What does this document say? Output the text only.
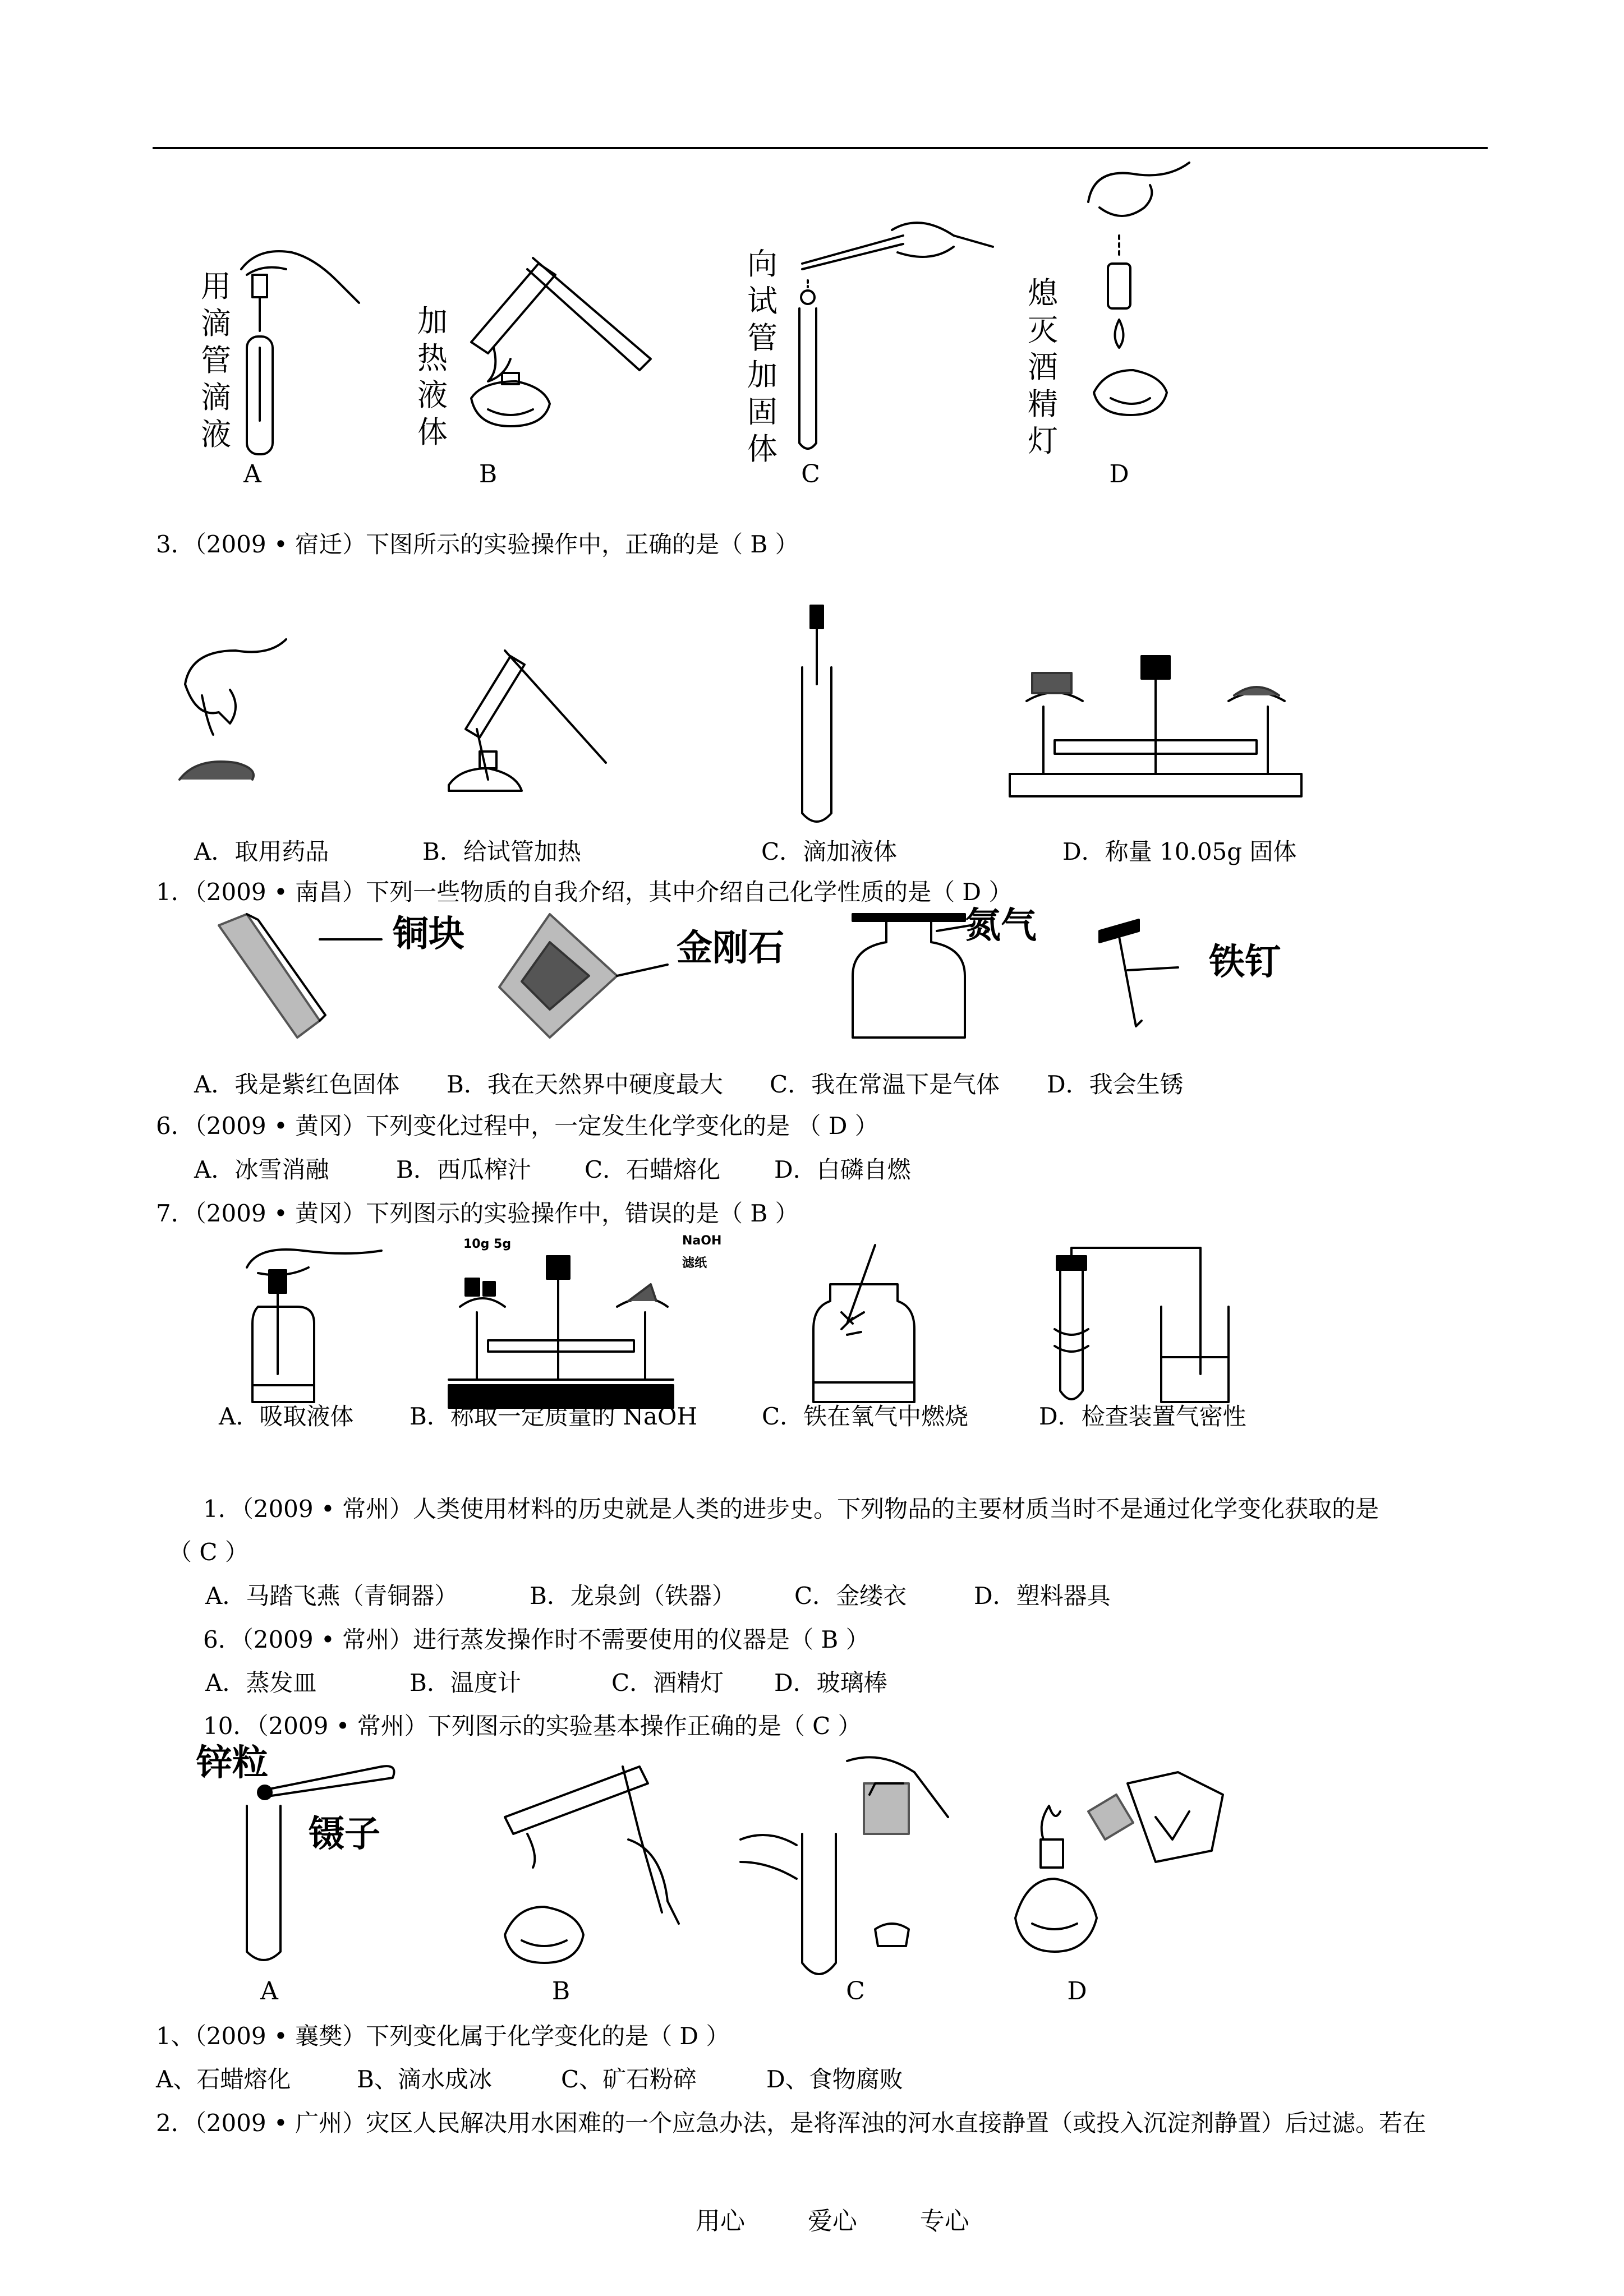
用滴管滴液
A
加热液体
B
向试管加固体
C
熄灭酒精灯
D
3．（2009 • 宿迁）下图所示的实验操作中，正确的是（ B ）
A．取用药品	B．给试管加热	C．滴加液体	D．称量 10.05g 固体
1．（2009 • 南昌）下列一些物质的自我介绍，其中介绍自己化学性质的是（ D ）
铜块	金刚石
氮气
铁钉
A．我是紫红色固体 B．我在天然界中硬度最大 C．我在常温下是气体 D．我会生锈
6．（2009 • 黄冈）下列变化过程中，一定发生化学变化的是 （ D ）
A．冰雪消融	B．西瓜榨汁 C．石蜡熔化 D．白磷自燃
7．（2009 • 黄冈）下列图示的实验操作中，错误的是（ B ）
10g 5g	NaOH
滤纸
A．吸取液体 B．称取一定质量的 NaOH	C．铁在氧气中燃烧	D．检查装置气密性
1．（2009 • 常州）人类使用材料的历史就是人类的进步史。下列物品的主要材质当时不是通过化学变化获取的是
（ C ）
A．马踏飞燕（青铜器）	B．龙泉剑（铁器）	C．金缕衣	D．塑料器具
6．（2009 • 常州）进行蒸发操作时不需要使用的仪器是（ B ）
A．蒸发皿	B．温度计	C．酒精灯 D．玻璃棒
10．（2009 • 常州）下列图示的实验基本操作正确的是（ C ）
锌粒
镊子
A	B	C	D
1、（2009 • 襄樊）下列变化属于化学变化的是（ D ）
A、石蜡熔化	B、滴水成冰	C、矿石粉碎	D、食物腐败
2．（2009 • 广州）灾区人民解决用水困难的一个应急办法，是将浑浊的河水直接静置（或投入沉淀剂静置）后过滤。若在
用心	爱心	专心
